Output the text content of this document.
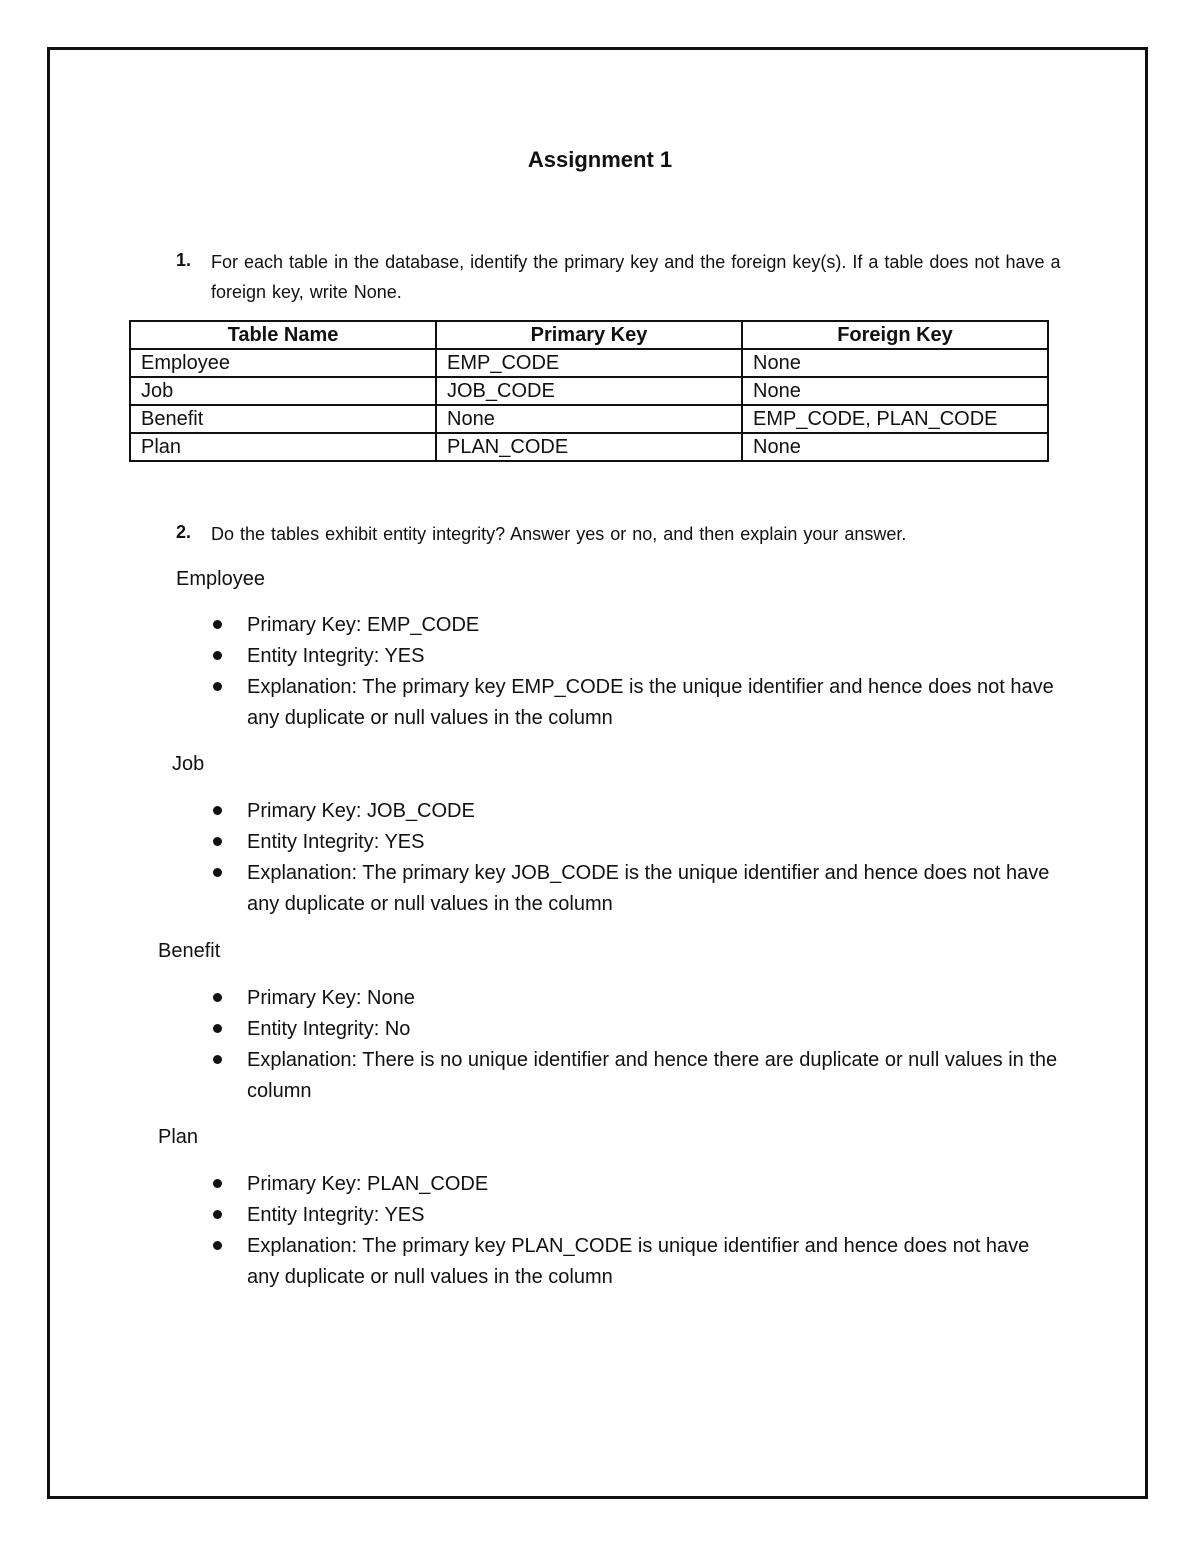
Assignment 1
1. For each table in the database, identify the primary key and the foreign key(s). If a table does not have a foreign key, write None.
Table Name	Primary Key	Foreign Key
Employee	EMP_CODE	None
Job	JOB_CODE	None
Benefit	None	EMP_CODE, PLAN_CODE
Plan	PLAN_CODE	None
2. Do the tables exhibit entity integrity? Answer yes or no, and then explain your answer.
Employee
Primary Key: EMP_CODE
Entity Integrity: YES
Explanation: The primary key EMP_CODE is the unique identifier and hence does not have any duplicate or null values in the column
Job
Primary Key: JOB_CODE
Entity Integrity: YES
Explanation: The primary key JOB_CODE is the unique identifier and hence does not have any duplicate or null values in the column
Benefit
Primary Key: None
Entity Integrity: No
Explanation: There is no unique identifier and hence there are duplicate or null values in the column
Plan
Primary Key: PLAN_CODE
Entity Integrity: YES
Explanation: The primary key PLAN_CODE is unique identifier and hence does not have any duplicate or null values in the column
